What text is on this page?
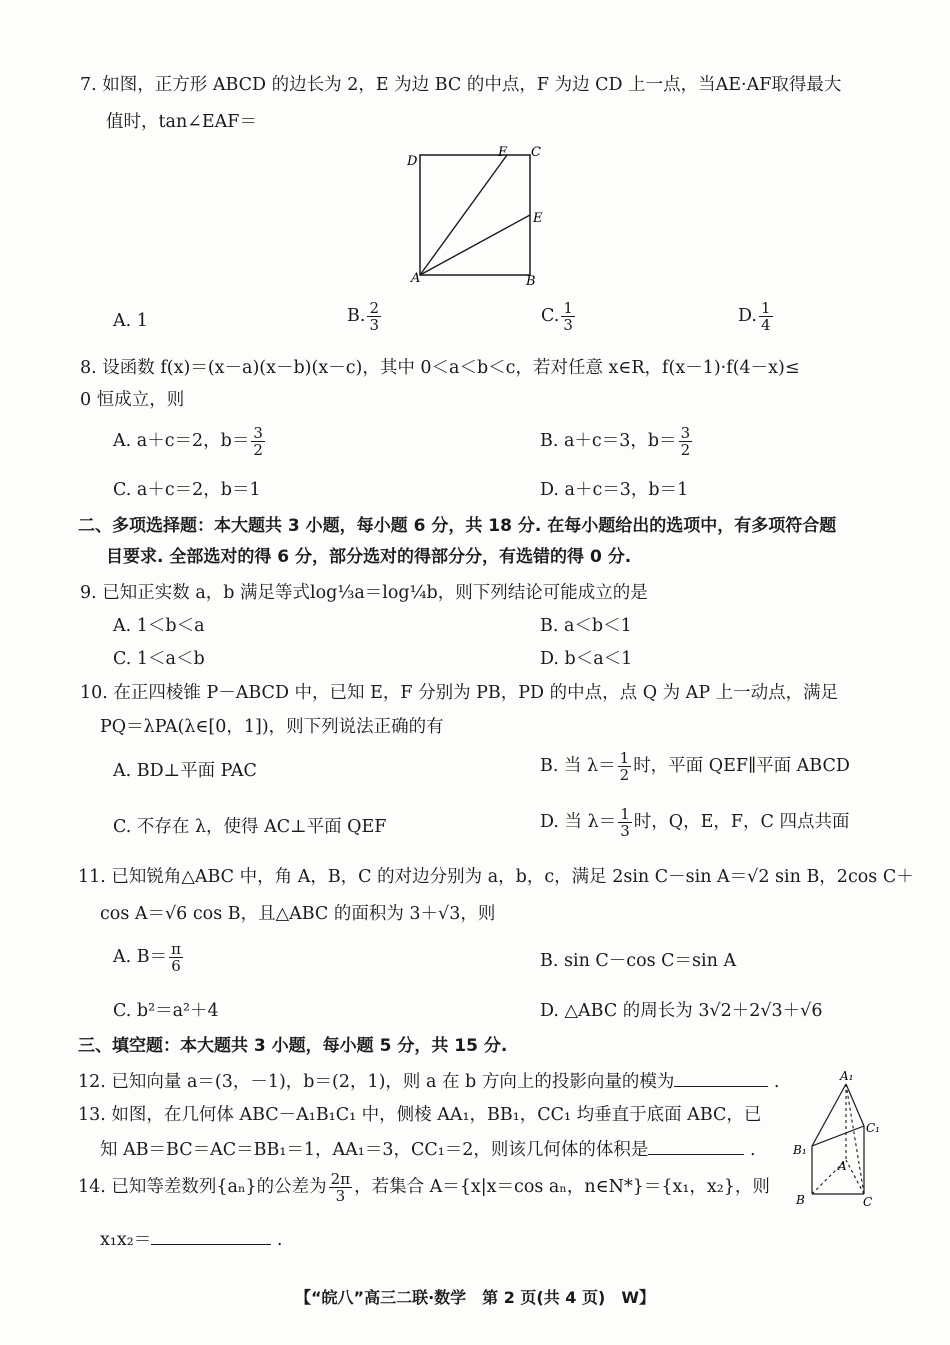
7. 如图，正方形 ABCD 的边长为 2，E 为边 BC 的中点，F 为边 CD 上一点，当AE·AF取得最大
值时，tan∠EAF＝
D
F C
E
A	B
A. 1	B. $\frac{2}{3}$	C. $\frac{1}{3}$	D. $\frac{1}{4}$
8. 设函数 f(x)＝(x－a)(x－b)(x－c)，其中 0＜a＜b＜c，若对任意 x∈R，f(x－1)·f(4－x)≤
0 恒成立，则
A. a＋c＝2，$b= \frac{3}{2}$	B. a＋c＝3，$b= \frac{3}{2}$
C. a＋c＝2，b＝1	D. a＋c＝3，b＝1
二、多项选择题：本大题共 3 小题，每小题 6 分，共 18 分. 在每小题给出的选项中，有多项符合题
目要求. 全部选对的得 6 分，部分选对的得部分分，有选错的得 0 分.
9. 已知正实数 a，b 满足等式log⅓a＝log¼b，则下列结论可能成立的是
A. 1＜b＜a	B. a＜b＜1
C. 1＜a＜b	D. b＜a＜1
10. 在正四棱锥 P－ABCD 中，已知 E，F 分别为 PB，PD 的中点，点 Q 为 AP 上一动点，满足
PQ＝λPA(λ∈[0，1])，则下列说法正确的有
A. BD⊥平面 PAC	B. 当 $\lambda= \frac{1}{2}$ 时，平面 QEF∥平面 ABCD
C. 不存在 λ，使得 AC⊥平面 QEF	D. 当 $\lambda= \frac{1}{3}$ 时，Q，E，F，C 四点共面
11. 已知锐角△ABC 中，角 A，B，C 的对边分别为 a，b，c，满足 2sin C－sin A＝√2 sin B，2cos C＋
cos A＝√6 cos B，且△ABC 的面积为 3＋√3，则
A. $B= \frac{\pi}{6}$	B. sin C－cos C＝sin A
C. b²＝a²＋4	D. △ABC 的周长为 3√2＋2√3＋√6
三、填空题：本大题共 3 小题，每小题 5 分，共 15 分.
12. 已知向量 a＝(3，－1)，b＝(2，1)，则 a 在 b 方向上的投影向量的模为	.
13. 如图，在几何体 ABC－A₁B₁C₁ 中，侧棱 AA₁，BB₁，CC₁ 均垂直于底面 ABC，已
知 AB＝BC＝AC＝BB₁＝1，AA₁＝3，CC₁＝2，则该几何体的体积是	.
A₁
C₁
B₁
A
B	C
14. 已知等差数列{aₙ}的公差为 $\frac{2\pi}{3}$ ，若集合 A＝{x|x＝cos aₙ，n∈N*}＝{x₁，x₂}，则
x₁x₂＝	.
【“皖八”高三二联·数学　第 2 页(共 4 页)　W】
